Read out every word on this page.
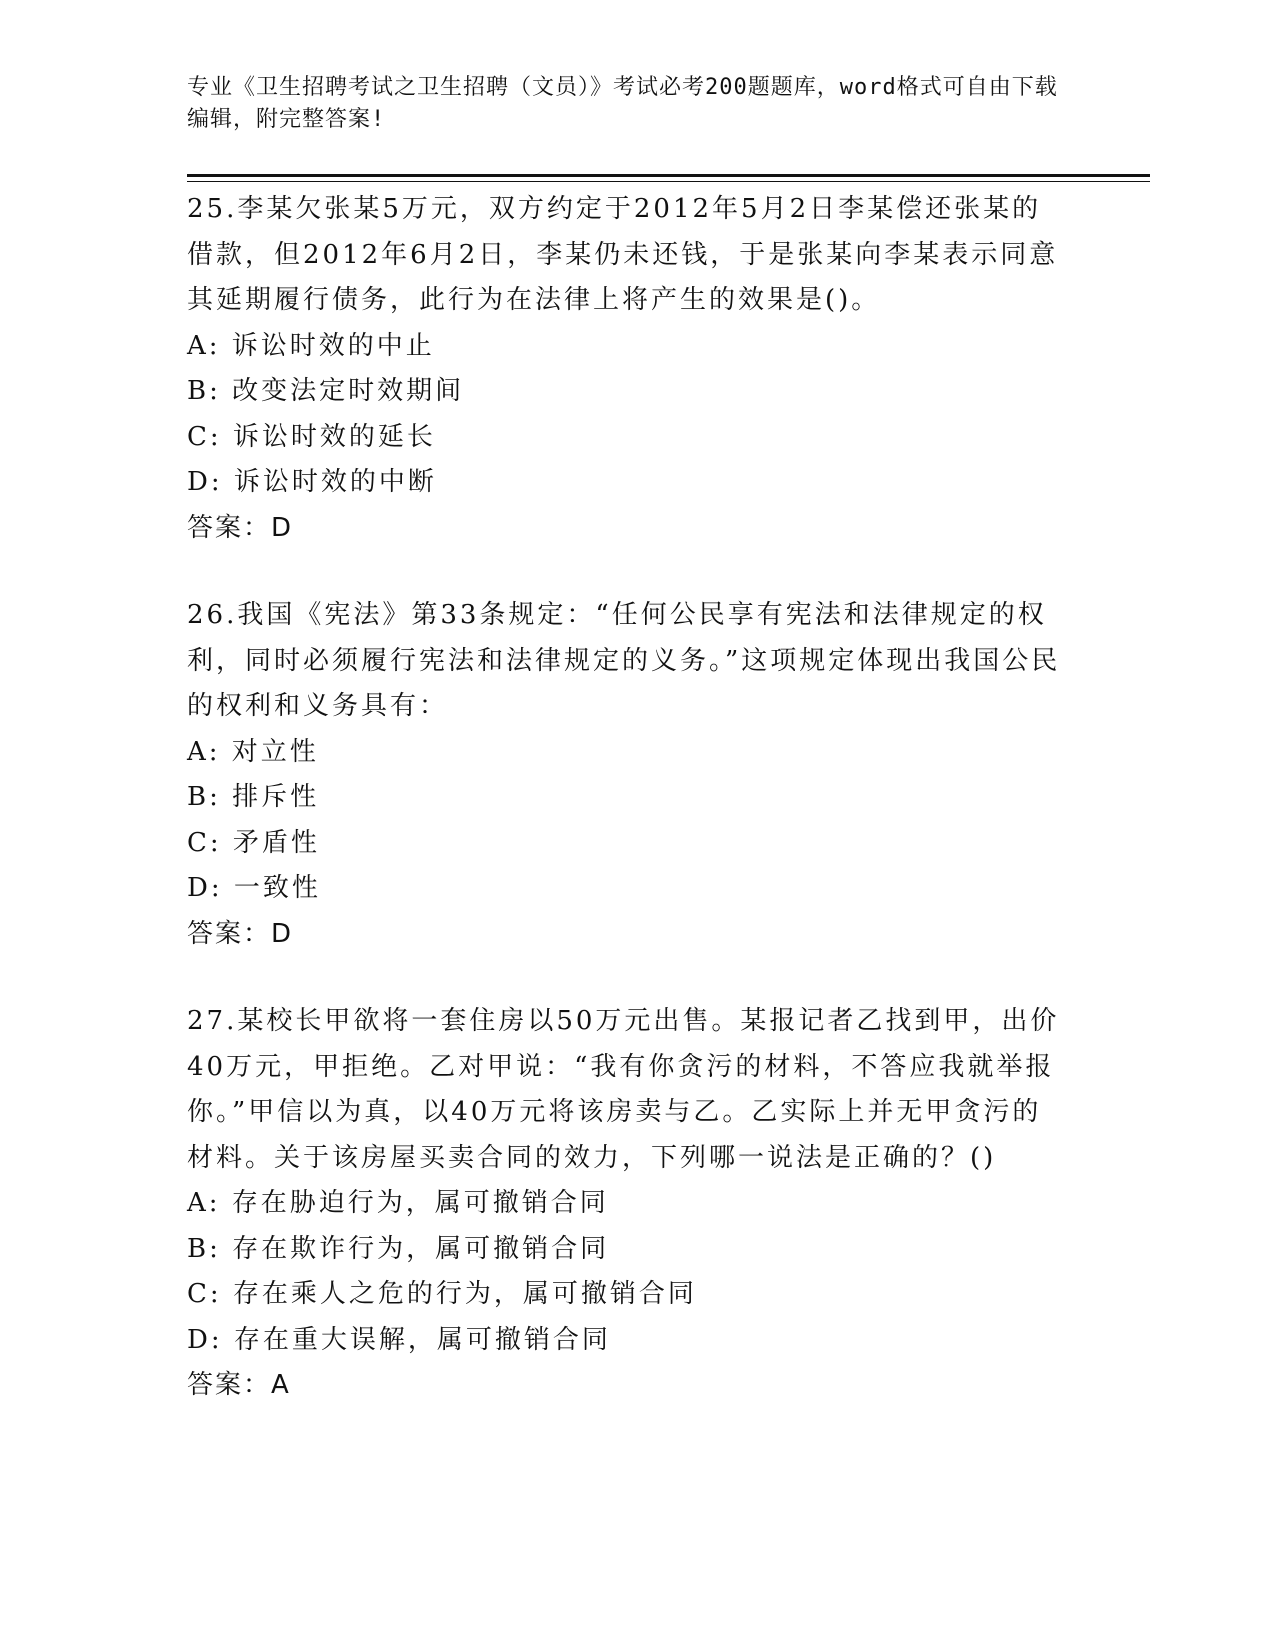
专业《卫生招聘考试之卫生招聘（文员）》考试必考200题题库，word格式可自由下载编辑，附完整答案!

25.李某欠张某5万元，双方约定于2012年5月2日李某偿还张某的借款，但2012年6月2日，李某仍未还钱，于是张某向李某表示同意其延期履行债务，此行为在法律上将产生的效果是()。

A: 诉讼时效的中止

B: 改变法定时效期间

C: 诉讼时效的延长

D: 诉讼时效的中断

答案：D

26.我国《宪法》第33条规定：“任何公民享有宪法和法律规定的权利，同时必须履行宪法和法律规定的义务。”这项规定体现出我国公民的权利和义务具有：

A: 对立性

B: 排斥性

C: 矛盾性

D: 一致性

答案：D

27.某校长甲欲将一套住房以50万元出售。某报记者乙找到甲，出价40万元，甲拒绝。乙对甲说：“我有你贪污的材料，不答应我就举报你。”甲信以为真，以40万元将该房卖与乙。乙实际上并无甲贪污的材料。关于该房屋买卖合同的效力，下列哪一说法是正确的？()

A: 存在胁迫行为，属可撤销合同

B: 存在欺诈行为，属可撤销合同

C: 存在乘人之危的行为，属可撤销合同

D: 存在重大误解，属可撤销合同

答案：A
